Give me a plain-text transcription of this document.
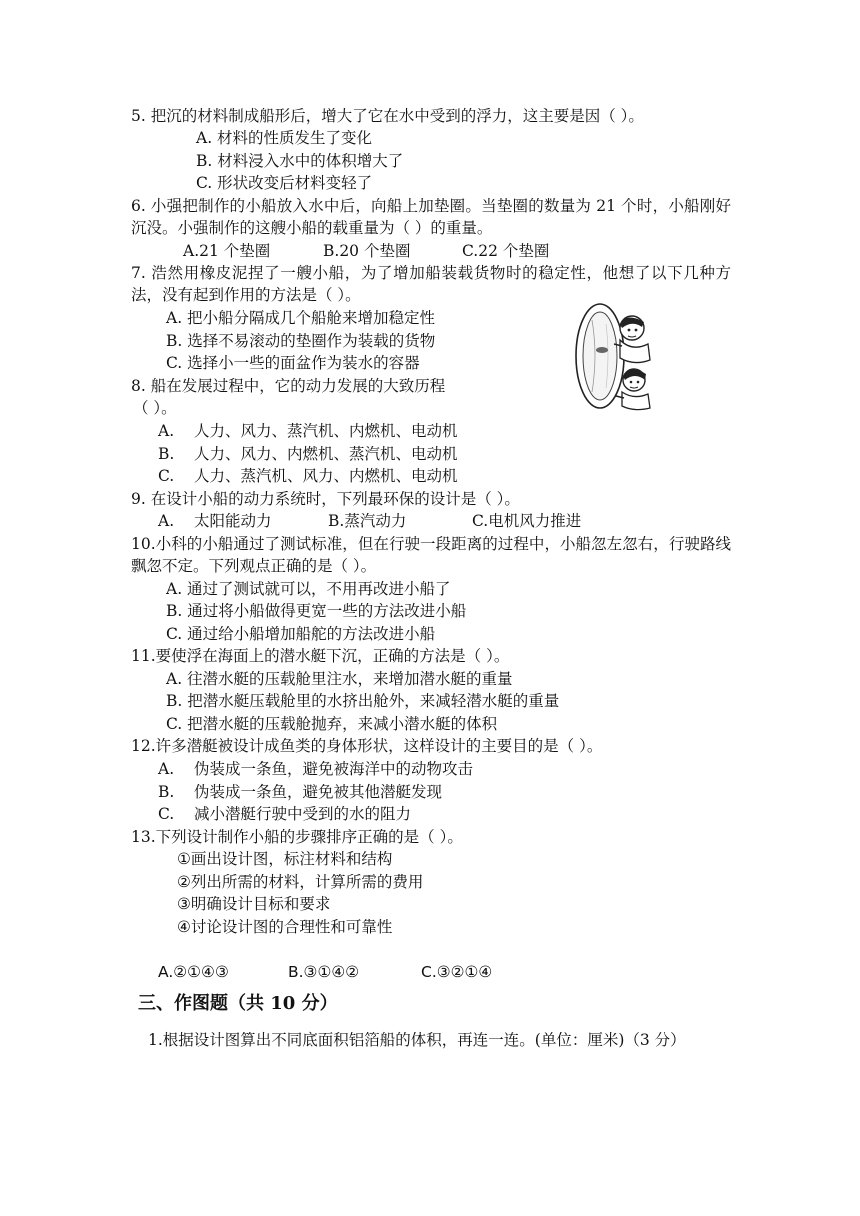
5. 把沉的材料制成船形后，增大了它在水中受到的浮力，这主要是因（ ）。
A. 材料的性质发生了变化
B. 材料浸入水中的体积增大了
C. 形状改变后材料变轻了
6. 小强把制作的小船放入水中后，向船上加垫圈。当垫圈的数量为 21 个时，小船刚好沉没。小强制作的这艘小船的载重量为（ ）的重量。
A.21 个垫圈	B.20 个垫圈	C.22 个垫圈
7. 浩然用橡皮泥捏了一艘小船，为了增加船装载货物时的稳定性，他想了以下几种方法，没有起到作用的方法是（ ）。
A. 把小船分隔成几个船舱来增加稳定性
B. 选择不易滚动的垫圈作为装载的货物
C. 选择小一些的面盆作为装水的容器
8. 船在发展过程中，它的动力发展的大致历程
（ ）。
A. 人力、风力、蒸汽机、内燃机、电动机
B. 人力、风力、内燃机、蒸汽机、电动机
C. 人力、蒸汽机、风力、内燃机、电动机
9. 在设计小船的动力系统时，下列最环保的设计是（ ）。
A. 太阳能动力	B.蒸汽动力	C.电机风力推进
10.小科的小船通过了测试标准，但在行驶一段距离的过程中，小船忽左忽右，行驶路线飘忽不定。下列观点正确的是（ ）。
A. 通过了测试就可以，不用再改进小船了
B. 通过将小船做得更宽一些的方法改进小船
C. 通过给小船增加船舵的方法改进小船
11.要使浮在海面上的潜水艇下沉，正确的方法是（ ）。
A. 往潜水艇的压载舱里注水，来增加潜水艇的重量
B. 把潜水艇压载舱里的水挤出舱外，来减轻潜水艇的重量
C. 把潜水艇的压载舱抛弃，来减小潜水艇的体积
12.许多潜艇被设计成鱼类的身体形状，这样设计的主要目的是（ ）。
A. 伪装成一条鱼，避免被海洋中的动物攻击
B. 伪装成一条鱼，避免被其他潜艇发现
C. 减小潜艇行驶中受到的水的阻力
13.下列设计制作小船的步骤排序正确的是（ ）。
①画出设计图，标注材料和结构
②列出所需的材料，计算所需的费用
③明确设计目标和要求
④讨论设计图的合理性和可靠性
A.②①④③	B.③①④②	C.③②①④
三、作图题（共 10 分）
1.根据设计图算出不同底面积铝箔船的体积，再连一连。(单位：厘米)（3 分）
